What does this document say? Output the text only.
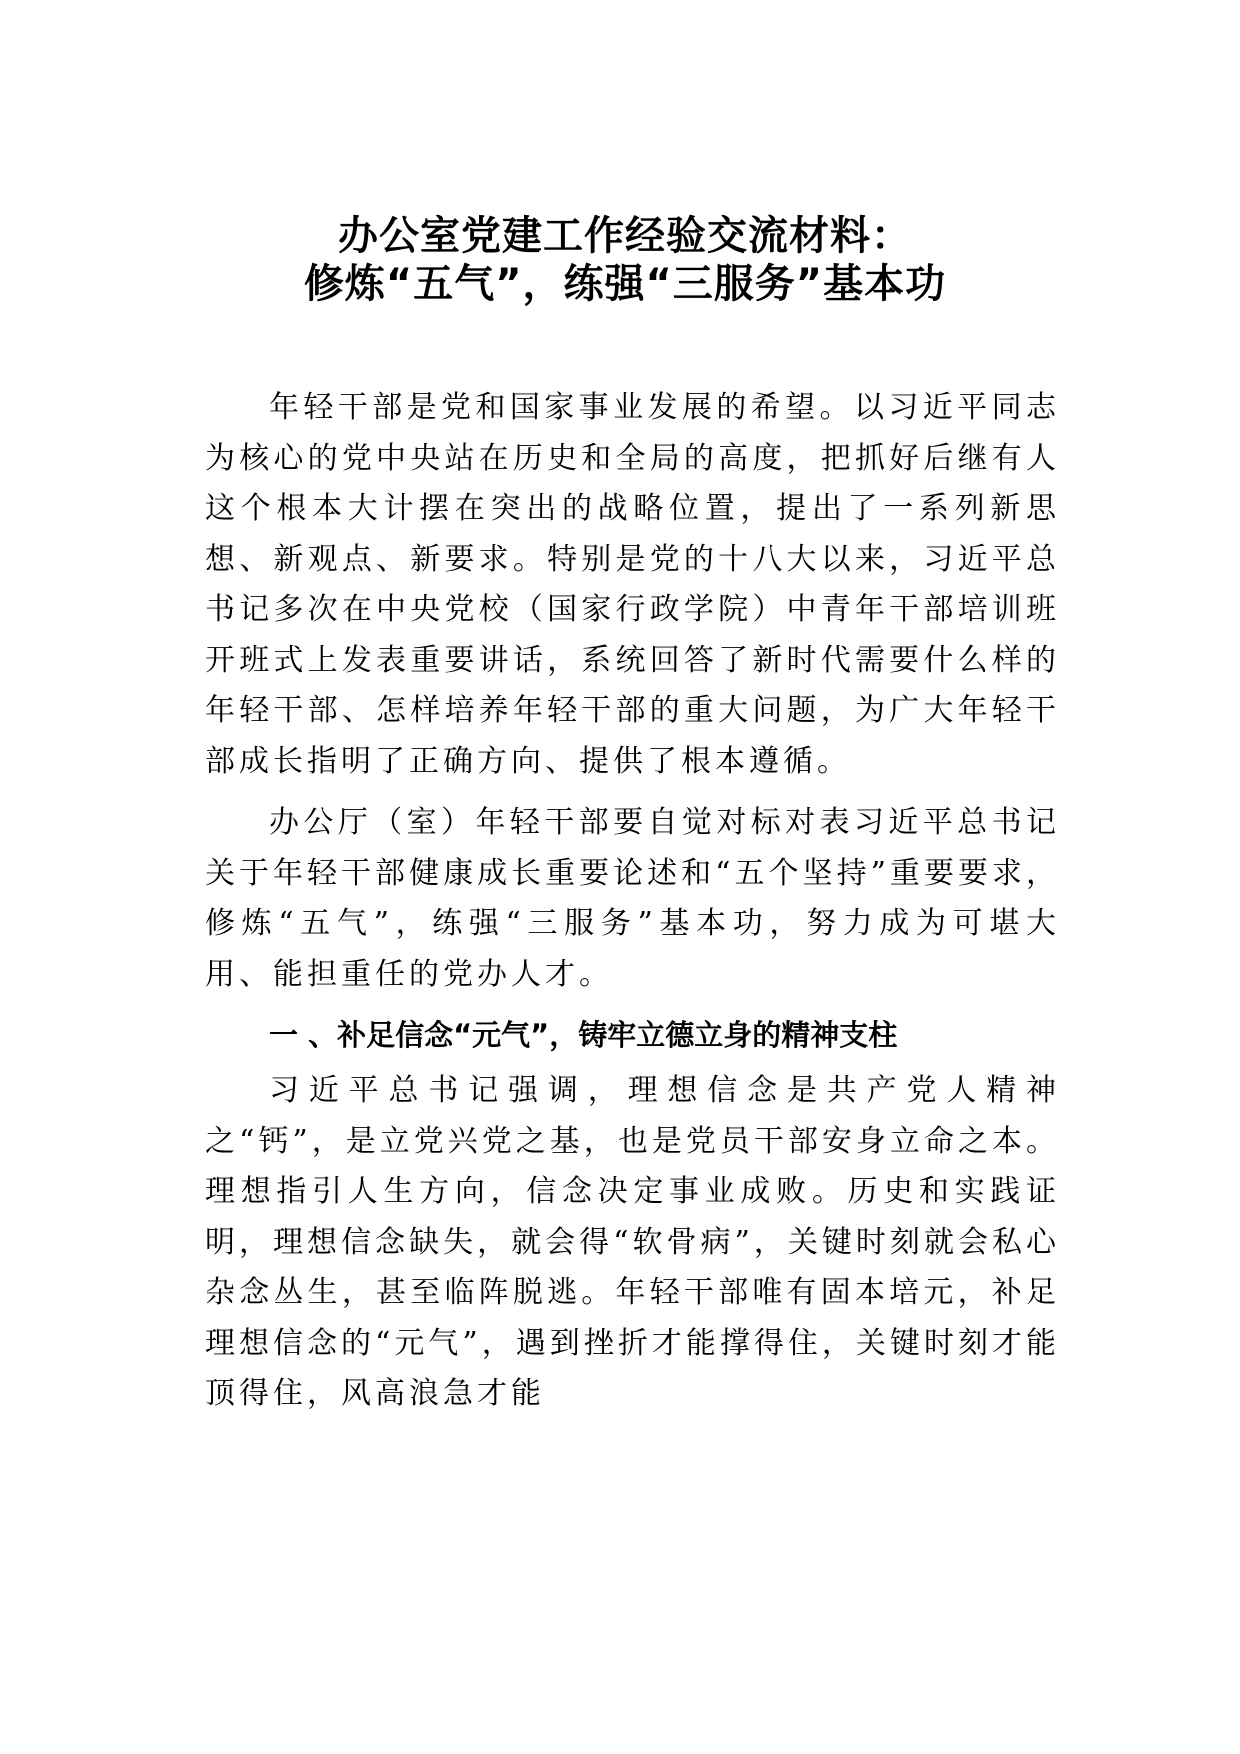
办公室党建工作经验交流材料：
修炼“五气”，练强“三服务”基本功

年轻干部是党和国家事业发展的希望。以习近平同志为核心的党中央站在历史和全局的高度，把抓好后继有人这个根本大计摆在突出的战略位置，提出了一系列新思想、新观点、新要求。特别是党的十八大以来，习近平总书记多次在中央党校（国家行政学院）中青年干部培训班开班式上发表重要讲话，系统回答了新时代需要什么样的年轻干部、怎样培养年轻干部的重大问题，为广大年轻干部成长指明了正确方向、提供了根本遵循。

办公厅（室）年轻干部要自觉对标对表习近平总书记关于年轻干部健康成长重要论述和“五个坚持”重要要求，修炼“五气”，练强“三服务”基本功，努力成为可堪大用、能担重任的党办人才。

一 、补足信念“元气”，铸牢立德立身的精神支柱

习近平总书记强调，理想信念是共产党人精神之“钙”，是立党兴党之基，也是党员干部安身立命之本。理想指引人生方向，信念决定事业成败。历史和实践证明，理想信念缺失，就会得“软骨病”，关键时刻就会私心杂念丛生，甚至临阵脱逃。年轻干部唯有固本培元，补足理想信念的“元气”，遇到挫折才能撑得住，关键时刻才能顶得住，风高浪急才能
